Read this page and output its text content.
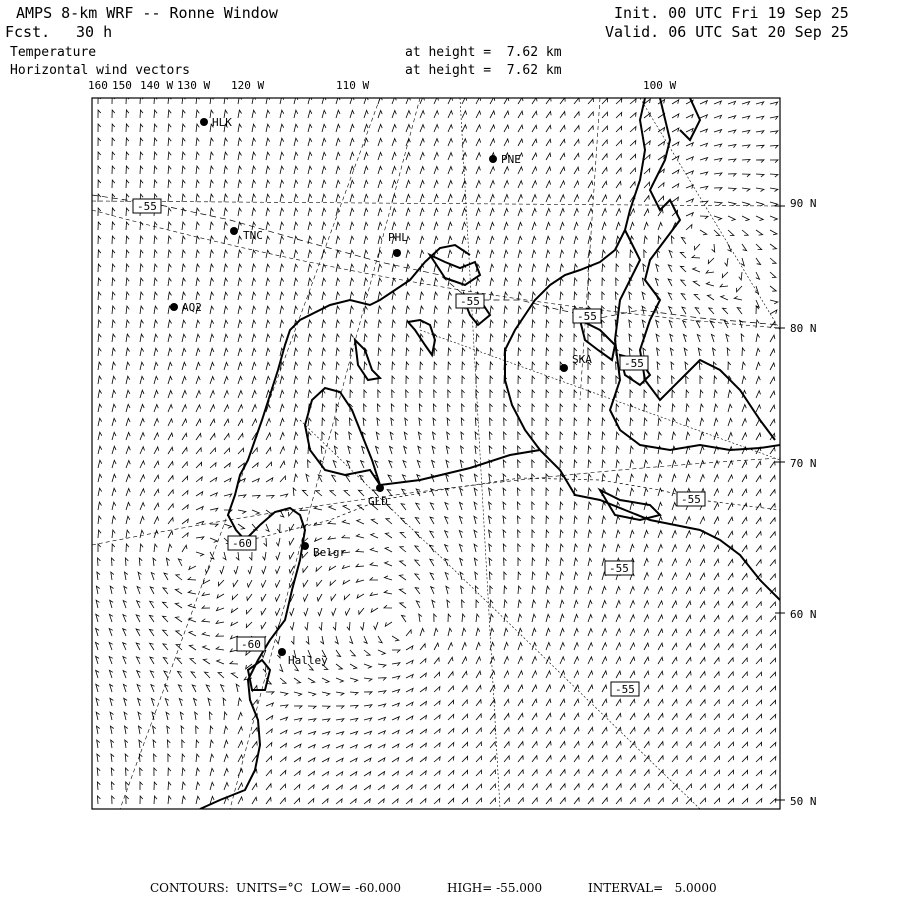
AMPS 8-km WRF -- Ronne Window	Init. 00 UTC Fri 19 Sep 25
Fcst. 30 h	Valid. 06 UTC Sat 20 Sep 25
Temperature	at height =  7.62 km
Horizontal wind vectors	at height =  7.62 km
160 150 140 W 130 W 120 W	110 W	100 W
90 N
80 N
70 N
60 N
50 N
HLK
PNE
TNC	PHL
AQ2
SKA
GLD
Belgr
Halley
-55
-55
-55
-55
-55
-60
-55
-60
-55
CONTOURS: UNITS=°C LOW= -60.000	HIGH= -55.000	INTERVAL=   5.0000
